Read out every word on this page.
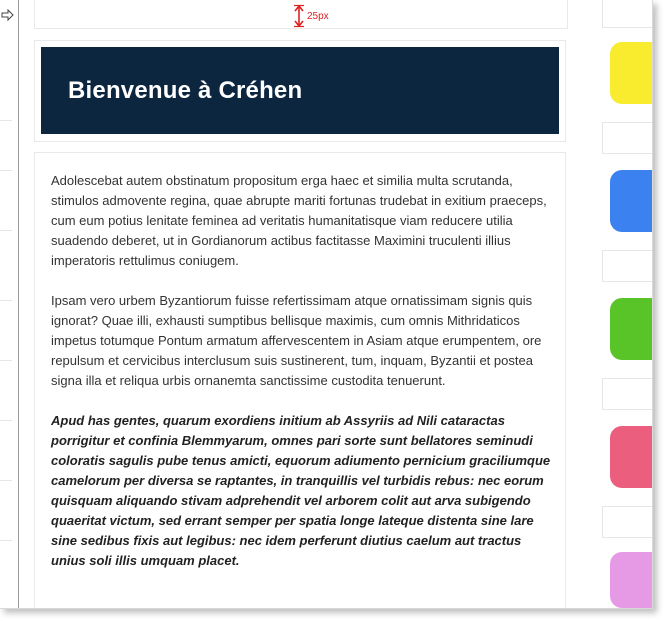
25px
Bienvenue à Créhen

Adolescebat autem obstinatum propositum erga haec et similia multa scrutanda, stimulos admovente regina, quae abrupte mariti fortunas trudebat in exitium praeceps, cum eum potius lenitate feminea ad veritatis humanitatisque viam reducere utilia suadendo deberet, ut in Gordianorum actibus factitasse Maximini truculenti illius imperatoris rettulimus coniugem.

Ipsam vero urbem Byzantiorum fuisse refertissimam atque ornatissimam signis quis ignorat? Quae illi, exhausti sumptibus bellisque maximis, cum omnis Mithridaticos impetus totumque Pontum armatum affervescentem in Asiam atque erumpentem, ore repulsum et cervicibus interclusum suis sustinerent, tum, inquam, Byzantii et postea signa illa et reliqua urbis ornanemta sanctissime custodita tenuerunt.

Apud has gentes, quarum exordiens initium ab Assyriis ad Nili cataractas porrigitur et confinia Blemmyarum, omnes pari sorte sunt bellatores seminudi coloratis sagulis pube tenus amicti, equorum adiumento pernicium graciliumque camelorum per diversa se raptantes, in tranquillis vel turbidis rebus: nec eorum quisquam aliquando stivam adprehendit vel arborem colit aut arva subigendo quaeritat victum, sed errant semper per spatia longe lateque distenta sine lare sine sedibus fixis aut legibus: nec idem perferunt diutius caelum aut tractus unius soli illis umquam placet.
